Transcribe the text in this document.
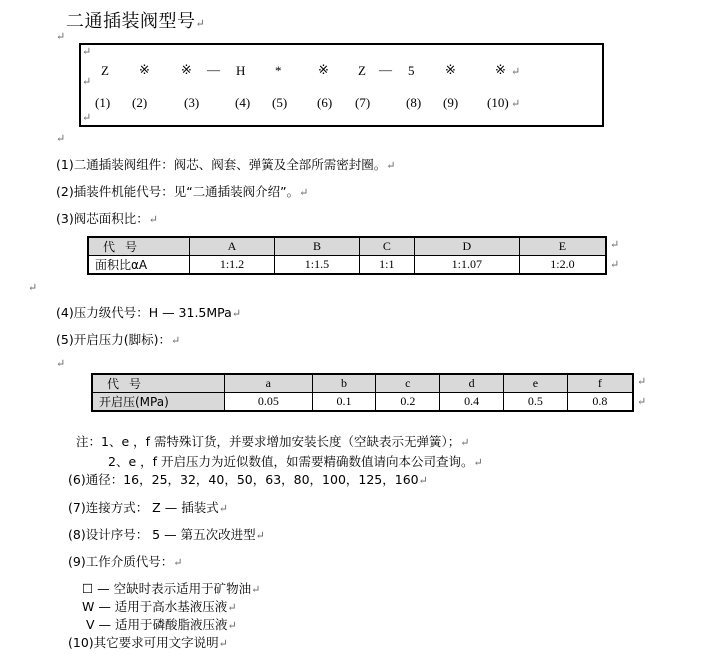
二通插装阀型号↵
↵
Z ※ ※ — H *	※ Z — 5 ※	※ ↵
(1) (2)	(3)	(4) (5) (6) (7)	(8) (9) (10) ↵
↵
↵
↵
↵
(1)二通插装阀组件：阀芯、阀套、弹簧及全部所需密封圈。↵
(2)插装件机能代号：见“二通插装阀介绍”。↵
(3)阀芯面积比：↵
代号	A	B	C	D	E
面积比αA	1:1.2	1:1.5	1:1	1:1.07	1:2.0
↵
↵
↵
(4)压力级代号：H — 31.5MPa↵
(5)开启压力(脚标)：↵
↵
代号	a	b	c	d	e	f
开启压(MPa)	0.05	0.1	0.2	0.4	0.5	0.8
↵
↵
注：1、e ，f 需特殊订货，并要求增加安装长度（空缺表示无弹簧）；↵
2、e ，f 开启压力为近似数值，如需要精确数值请向本公司查询。↵
(6)通径：16，25，32，40，50，63，80，100，125，160↵
(7)连接方式： Z — 插装式↵
(8)设计序号： 5 — 第五次改进型↵
(9)工作介质代号：↵
☐ — 空缺时表示适用于矿物油↵
W — 适用于高水基液压液↵
V — 适用于磷酸脂液压液↵
(10)其它要求可用文字说明↵
